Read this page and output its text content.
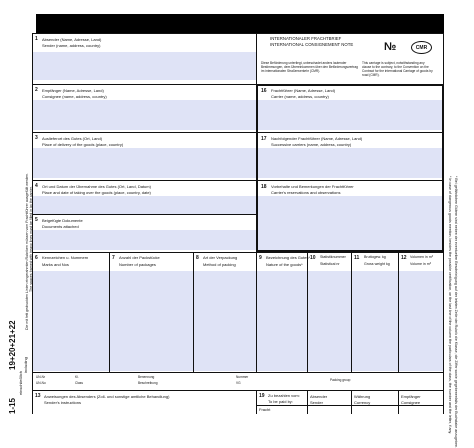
INTERNATIONALER FRACHTBRIEF
INTERNATIONAL CONSIGNEMENT NOTE	№	CMR
Diese Beförderung unterliegt, unbeschadet anders lautender
Bestimmungen, dem Übereinkommen über den Beförderungsvertrag
im internationalen Straßenverkehr (CMR).
This carriage is subject, notwithstanding any
clause to the contrary, to the Convention on the
Contract for the international Carriage of goods by
road (CMR).
1 Absender (Name, Adresse, Land)
Sender (name, address, country)
2 Empfänger (Name, Adresse, Land)
Consignee (name, address, country)
3 Auslieferort des Gutes (Ort, Land)
Place of delivery of the goods (place, country)
4 Ort und Datum der Übernahme des Gutes (Ort, Land, Datum)
Place and date of taking over the goods (place, country, date)
5 Beigefügte Dokumente
Documents attached
16 Frachtführer (Name, Adresse, Land)
Carrier (name, address, country)
17 Nachfolgender Frachtführer (Name, Adresse, Land)
Successive carriers (name, address, country)
18 Vorbehalte und Bemerkungen der Frachtführer
Carrier's reservations and observations
6 Kennzeichen u. Nummern
Marks and Nos
7 Anzahl der Packstücke
Number of packages
8 Art der Verpackung
Method of packing
9 Bezeichnung des Gutes*
Nature of the goods*
10 Statistiknummer
Statistical nr
11 Bruttogew. kg
Gross weight kg
12 Volumen in m³
Volume in m³
UN-Nr
UN-No
Kl.
Class
Benennung
Beschreibung
Nummer
VG
Packing group
13 Anweisungen des Absenders (Zoll- und sonstige amtliche Behandlung)
Sender's instructions
19 Zu bezahlen vom:
To be paid by:
Fracht
Absender
Sender
Währung
Currency
Empfänger
Consignee
1-15
einschließlich
including
19+20+21+22
Die mit fett gedruckten Linien eingerahmten Rubriken müssen vom Frachtführer ausgefüllt werden. The spaces framed with heavy lines must be filled in by the carrier.	* Bei gefährlichen Gütern sind neben der eventuellen Bescheinigung auf der letzten Zeile der Rubrik die Klasse, die Ziffer sowie gegebenenfalls der Buchstabe anzugeben.
* In case of dangerous goods mention, besides the possible certification, on the last line of the column the particulars of the class, the number and the letter, if any.
